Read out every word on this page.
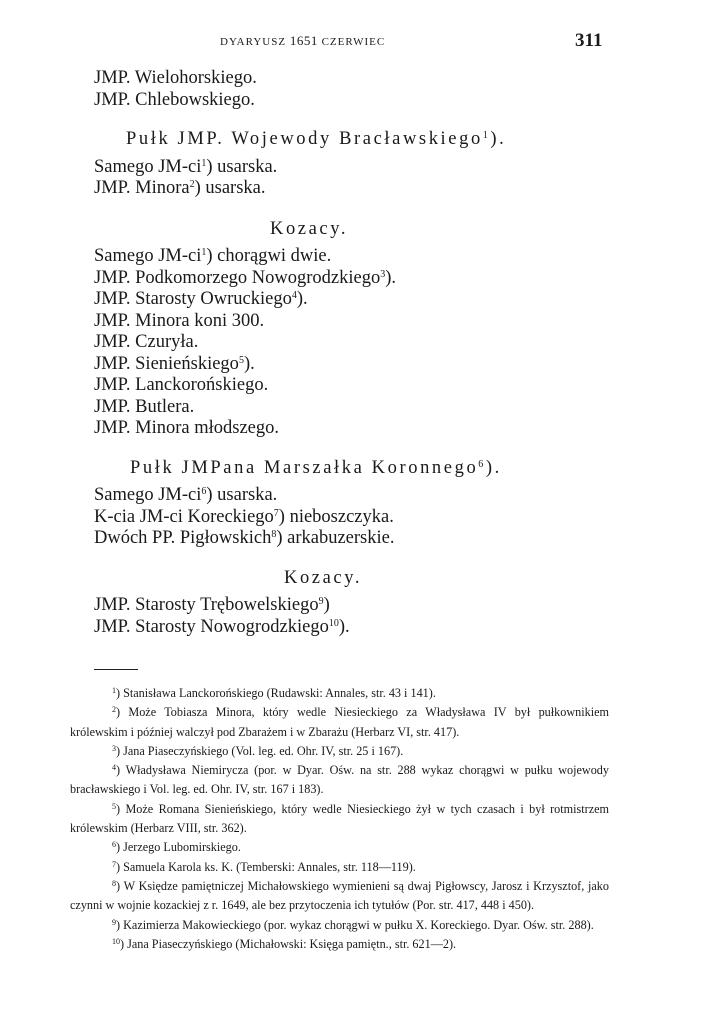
DYARYUSZ 1651 CZERWIEC	311
JMP. Wielohorskiego.
JMP. Chlebowskiego.
Pułk JMP. Wojewody Bracławskiego$^1$).
Samego JM-ci$^1$) usarska.
JMP. Minora$^2$) usarska.
Kozacy.
Samego JM-ci$^1$) chorągwi dwie.
JMP. Podkomorzego Nowogrodzkiego$^3$).
JMP. Starosty Owruckiego$^4$).
JMP. Minora koni 300.
JMP. Czuryła.
JMP. Sienieńskiego$^5$).
JMP. Lanckorońskiego.
JMP. Butlera.
JMP. Minora młodszego.
Pułk JMPana Marszałka Koronnego$^6$).
Samego JM-ci$^6$) usarska.
K-cia JM-ci Koreckiego$^7$) nieboszczyka.
Dwóch PP. Pigłowskich$^8$) arkabuzerskie.
Kozacy.
JMP. Starosty Trębowelskiego$^9$)
JMP. Starosty Nowogrodzkiego$^{10}$).

$^1$) Stanisława Lanckorońskiego (Rudawski: Annales, str. 43 i 141).

$^2$) Może Tobiasza Minora, który wedle Niesieckiego za Władysława IV był pułkownikiem królewskim i później walczył pod Zbarażem i w Zbarażu (Herbarz VI, str. 417).

$^3$) Jana Piaseczyńskiego (Vol. leg. ed. Ohr. IV, str. 25 i 167).

$^4$) Władysława Niemirycza (por. w Dyar. Ośw. na str. 288 wykaz chorągwi w pułku wojewody bracławskiego i Vol. leg. ed. Ohr. IV, str. 167 i 183).

$^5$) Może Romana Sienieńskiego, który wedle Niesieckiego żył w tych czasach i był rotmistrzem królewskim (Herbarz VIII, str. 362).

$^6$) Jerzego Lubomirskiego.

$^7$) Samuela Karola ks. K. (Temberski: Annales, str. 118—119).

$^8$) W Księdze pamiętniczej Michałowskiego wymienieni są dwaj Pigłowscy, Jarosz i Krzysztof, jako czynni w wojnie kozackiej z r. 1649, ale bez przytoczenia ich tytułów (Por. str. 417, 448 i 450).

$^9$) Kazimierza Makowieckiego (por. wykaz chorągwi w pułku X. Koreckiego. Dyar. Ośw. str. 288).

$^{10}$) Jana Piaseczyńskiego (Michałowski: Księga pamiętn., str. 621—2).
